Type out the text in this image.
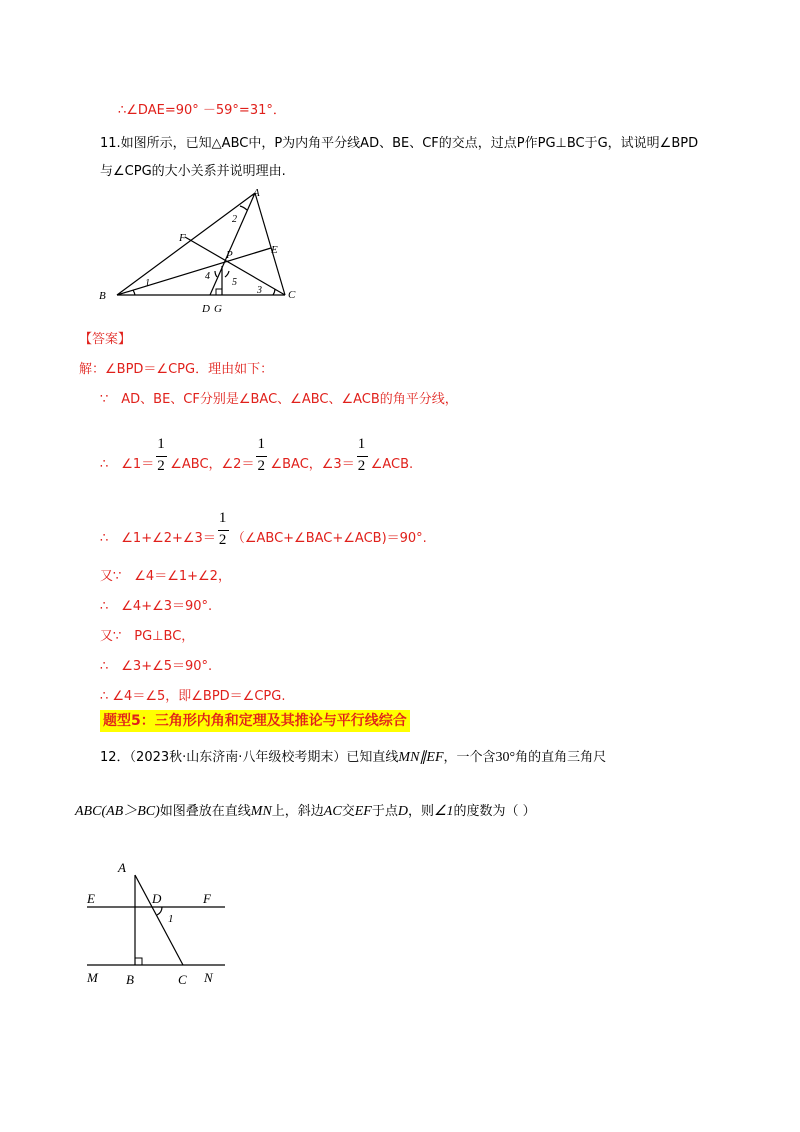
∴∠DAE=90° －59°=31°．
11.如图所示，已知△ABC中，P为内角平分线AD、BE、CF的交点，过点P作PG⊥BC于G，试说明∠BPD
与∠CPG的大小关系并说明理由.
B
A
C
F
E
P
D G
1
2
3
4
5
【答案】
解：∠BPD＝∠CPG．理由如下：
∵　AD、BE、CF分别是∠BAC、∠ABC、∠ACB的角平分线，
∴　∠1＝
$\frac{1}{2}$
∠ABC，∠2＝
$\frac{1}{2}$
∠BAC，∠3＝
$\frac{1}{2}$
∠ACB.
∴　∠1+∠2+∠3＝
$\frac{1}{2}$
（∠ABC+∠BAC+∠ACB)＝90°.
又∵　∠4＝∠1+∠2，
∴　∠4+∠3＝90°.
又∵　PG⊥BC，
∴　∠3+∠5＝90°.
∴ ∠4＝∠5，即∠BPD＝∠CPG.
题型5：三角形内角和定理及其推论与平行线综合
12．（2023秋·山东济南·八年级校考期末）已知直线MN∥EF，一个含30°角的直角三角尺
ABC(AB＞BC)如图叠放在直线MN上，斜边AC交EF于点D，则∠1的度数为（ ）
A
E	D	F
1
M B	C N
